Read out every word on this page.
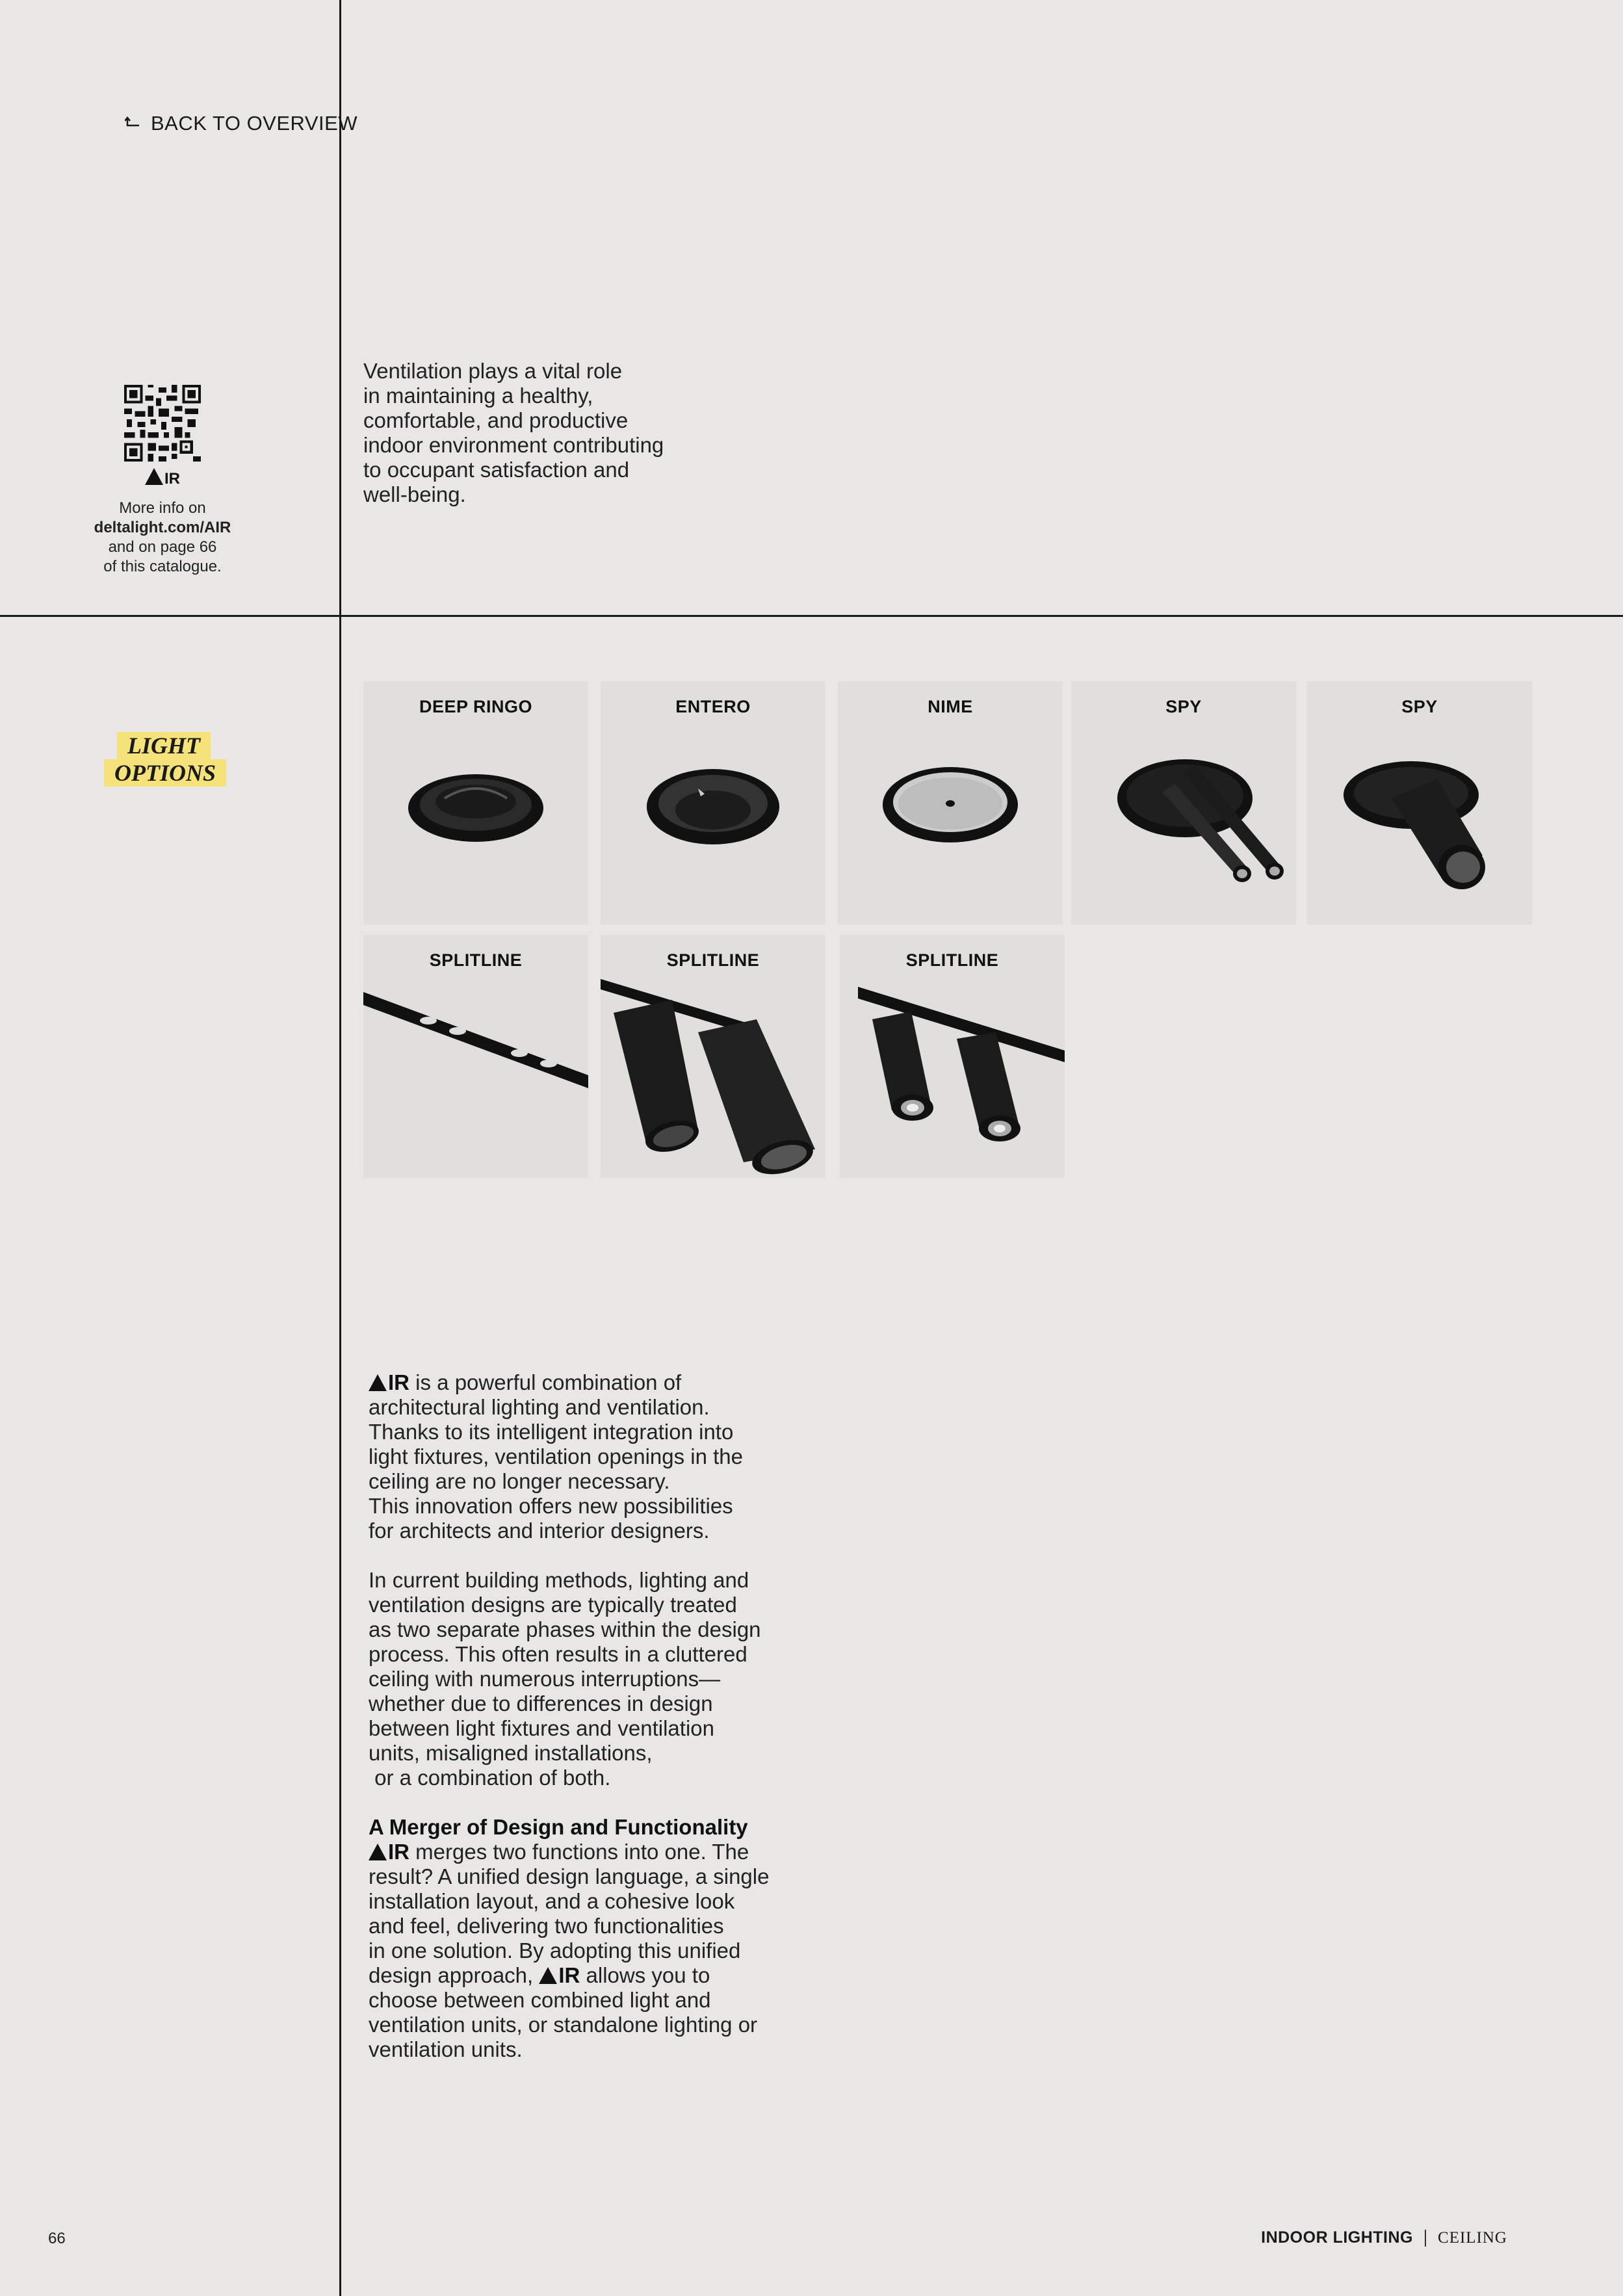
BACK TO OVERVIEW
IR
More info on
deltalight.com/AIR
and on page 66
of this catalogue.
Ventilation plays a vital role
in maintaining a healthy,
comfortable, and productive
indoor environment contributing
to occupant satisfaction and
well-being.
LIGHT
OPTIONS
DEEP RINGO	ENTERO	NIME	SPY	SPY
SPLITLINE	SPLITLINE	SPLITLINE

IR is a powerful combination of
architectural lighting and ventilation.
Thanks to its intelligent integration into
light fixtures, ventilation openings in the
ceiling are no longer necessary.
This innovation offers new possibilities
for architects and interior designers.

In current building methods, lighting and
ventilation designs are typically treated
as two separate phases within the design
process. This often results in a cluttered
ceiling with numerous interruptions—
whether due to differences in design
between light fixtures and ventilation
units, misaligned installations,
or a combination of both.

A Merger of Design and Functionality
IR merges two functions into one. The
result? A unified design language, a single
installation layout, and a cohesive look
and feel, delivering two functionalities
in one solution. By adopting this unified
design approach, IR allows you to
choose between combined light and
ventilation units, or standalone lighting or
ventilation units.

66	INDOOR LIGHTING CEILING
